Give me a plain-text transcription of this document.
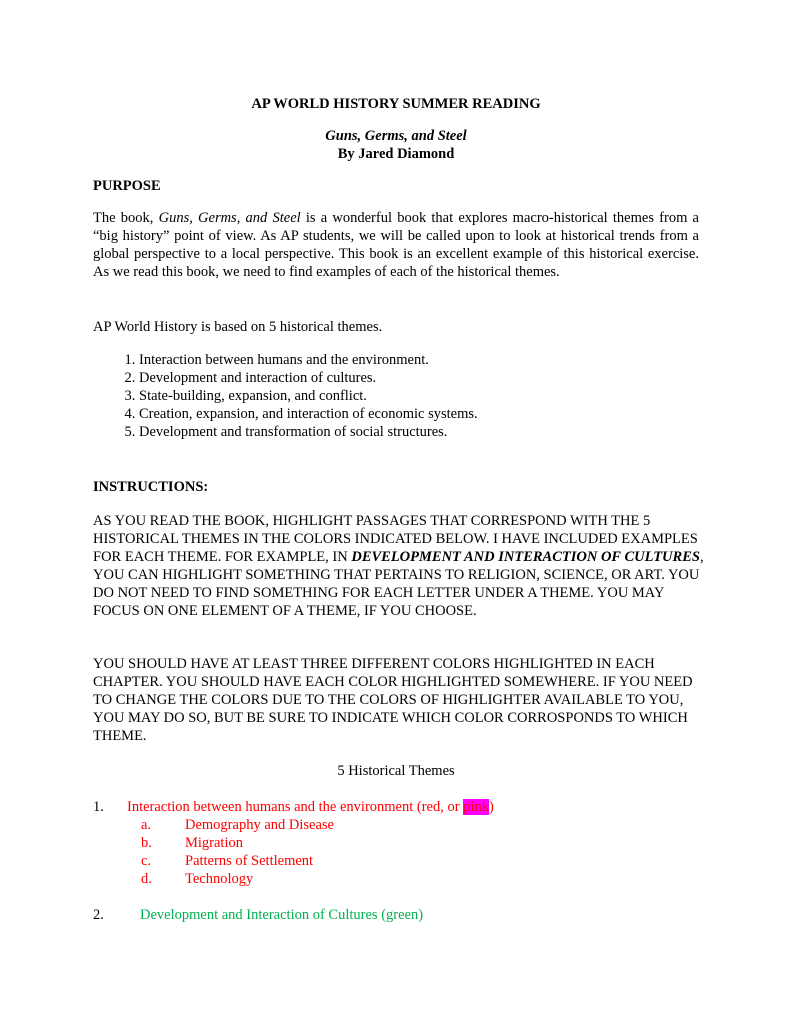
AP WORLD HISTORY SUMMER READING
Guns, Germs, and Steel
By Jared Diamond
PURPOSE
The book, Guns, Germs, and Steel is a wonderful book that explores macro-historical themes from a “big history” point of view. As AP students, we will be called upon to look at historical trends from a global perspective to a local perspective. This book is an excellent example of this historical exercise. As we read this book, we need to find examples of each of the historical themes.
AP World History is based on 5 historical themes.
1. Interaction between humans and the environment.
2. Development and interaction of cultures.
3. State-building, expansion, and conflict.
4. Creation, expansion, and interaction of economic systems.
5. Development and transformation of social structures.
INSTRUCTIONS:
AS YOU READ THE BOOK, HIGHLIGHT PASSAGES THAT CORRESPOND WITH THE 5 HISTORICAL THEMES IN THE COLORS INDICATED BELOW. I HAVE INCLUDED EXAMPLES FOR EACH THEME. FOR EXAMPLE, IN DEVELOPMENT AND INTERACTION OF CULTURES, YOU CAN HIGHLIGHT SOMETHING THAT PERTAINS TO RELIGION, SCIENCE, OR ART. YOU DO NOT NEED TO FIND SOMETHING FOR EACH LETTER UNDER A THEME. YOU MAY FOCUS ON ONE ELEMENT OF A THEME, IF YOU CHOOSE.
YOU SHOULD HAVE AT LEAST THREE DIFFERENT COLORS HIGHLIGHTED IN EACH CHAPTER. YOU SHOULD HAVE EACH COLOR HIGHLIGHTED SOMEWHERE. IF YOU NEED TO CHANGE THE COLORS DUE TO THE COLORS OF HIGHLIGHTER AVAILABLE TO YOU, YOU MAY DO SO, BUT BE SURE TO INDICATE WHICH COLOR CORROSPONDS TO WHICH THEME.
5 Historical Themes
1. Interaction between humans and the environment (red, or pink)
a. Demography and Disease
b. Migration
c. Patterns of Settlement
d. Technology
2. Development and Interaction of Cultures (green)
